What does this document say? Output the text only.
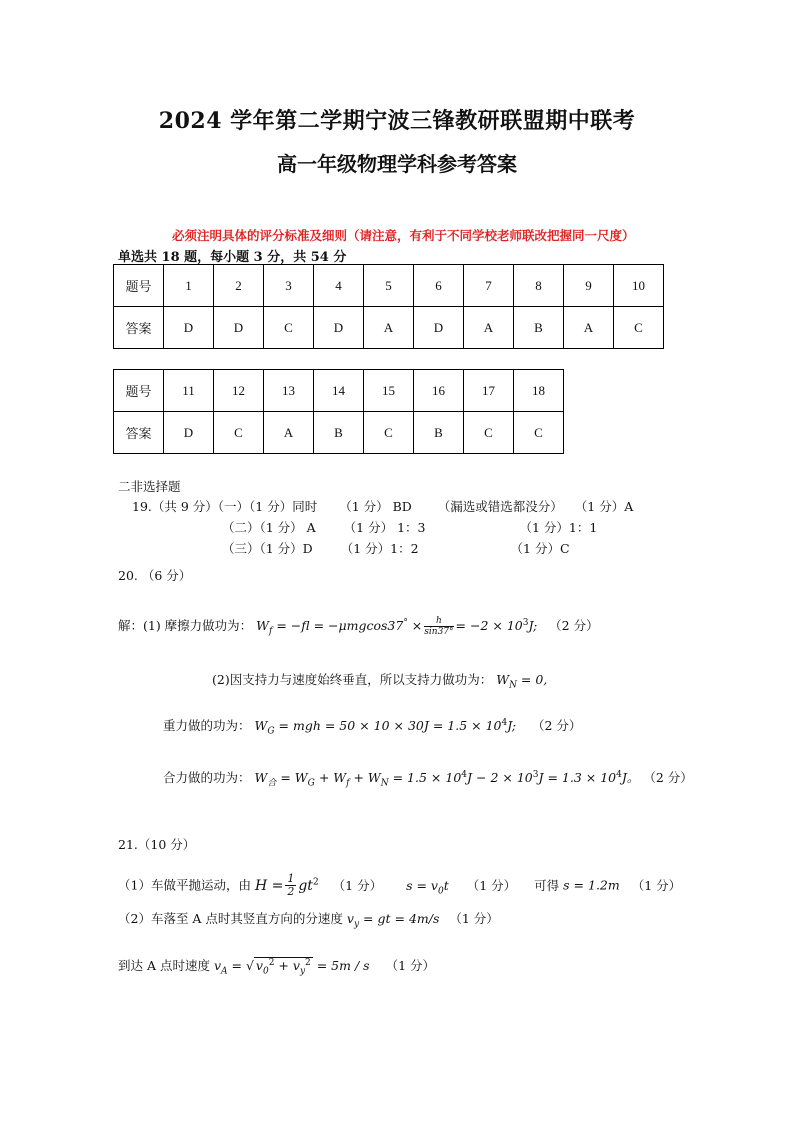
2024 学年第二学期宁波三锋教研联盟期中联考
高一年级物理学科参考答案
必须注明具体的评分标准及细则（请注意，有利于不同学校老师联改把握同一尺度）
单选共 18 题，每小题 3 分，共 54 分
题号	1	2	3	4	5	6	7	8	9	10
答案	D	D	C	D	A	D	A	B	A	C
题号	11	12	13	14	15	16	17	18
答案	D	C	A	B	C	B	C	C
二非选择题
19.（共 9 分）（一）（1 分）同时 （1 分） BD （漏选或错选都没分） （1 分）A
（二）（1 分） A （1 分） 1：3	（1 分）1：1
（三）（1 分）D （1 分）1：2	（1 分）C
20. （6 分）
解：(1) 摩擦力做功为： $W_f = -fl = -\mu mgcos37^\circ \times \frac{h}{\sin 37^\circ} = -2 \times 10^3J$; （2 分）
(2)因支持力与速度始终垂直，所以支持力做功为： $W_N = 0$,
重力做的功为： $W_G$ = mgh = $50 \times 10 \times 30J = 1.5 \times 10^4J$; （2 分）
合力做的功为： $W_合 = W_G + W_f + W_N = 1.5 \times 10^4J - 2 \times 10^3J = 1.3 \times 10^4J$。 （2 分）
21.（10 分）
（1）车做平抛运动，由 $H = \frac{1}{2} gt^2$ （1 分） $s = v_0t$ （1 分） 可得 s = 1.2m （1 分）
（2）车落至 A 点时其竖直方向的分速度 $v_y$ = gt = 4m/s （1 分）
到达 A 点时速度 $v_A$ = √ $v_0^2 + v_y^2 = 5m / s$ （1 分）
